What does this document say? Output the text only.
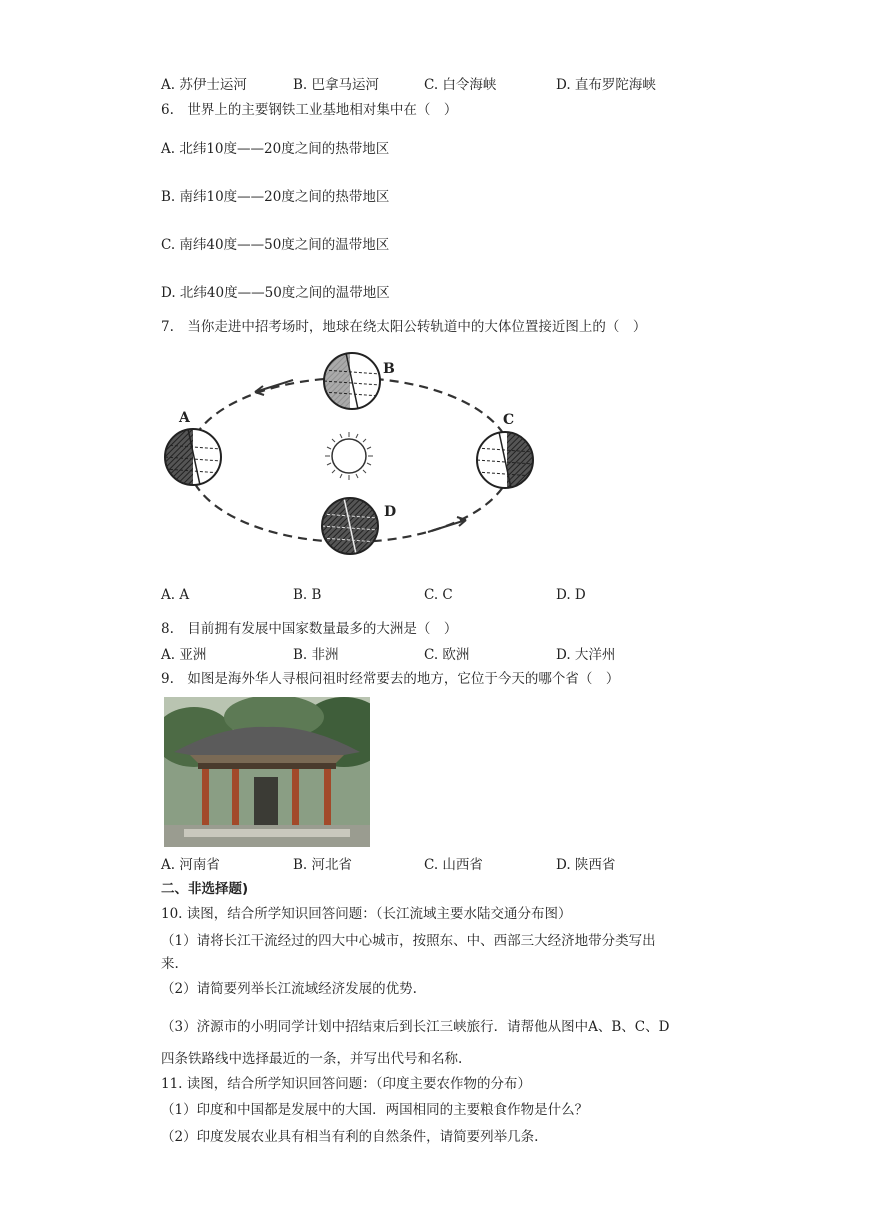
A. 苏伊士运河	B. 巴拿马运河	C. 白令海峡	D. 直布罗陀海峡
6.　世界上的主要钢铁工业基地相对集中在（　）
A. 北纬10度——20度之间的热带地区
B. 南纬10度——20度之间的热带地区
C. 南纬40度——50度之间的温带地区
D. 北纬40度——50度之间的温带地区
7.　当你走进中招考场时，地球在绕太阳公转轨道中的大体位置接近图上的（　）
A
B
C
D
A. A	B. B	C. C	D. D
8.　目前拥有发展中国家数量最多的大洲是（　）
A. 亚洲	B. 非洲	C. 欧洲	D. 大洋州
9.　如图是海外华人寻根问祖时经常要去的地方，它位于今天的哪个省（　）
A. 河南省	B. 河北省	C. 山西省	D. 陕西省
二、非选择题)
10. 读图，结合所学知识回答问题：（长江流域主要水陆交通分布图）
（1）请将长江干流经过的四大中心城市，按照东、中、西部三大经济地带分类写出
来.
（2）请简要列举长江流域经济发展的优势.
（3）济源市的小明同学计划中招结束后到长江三峡旅行．请帮他从图中A、B、C、D
四条铁路线中选择最近的一条，并写出代号和名称.
11. 读图，结合所学知识回答问题：（印度主要农作物的分布）
（1）印度和中国都是发展中的大国．两国相同的主要粮食作物是什么？
（2）印度发展农业具有相当有利的自然条件，请简要列举几条.
